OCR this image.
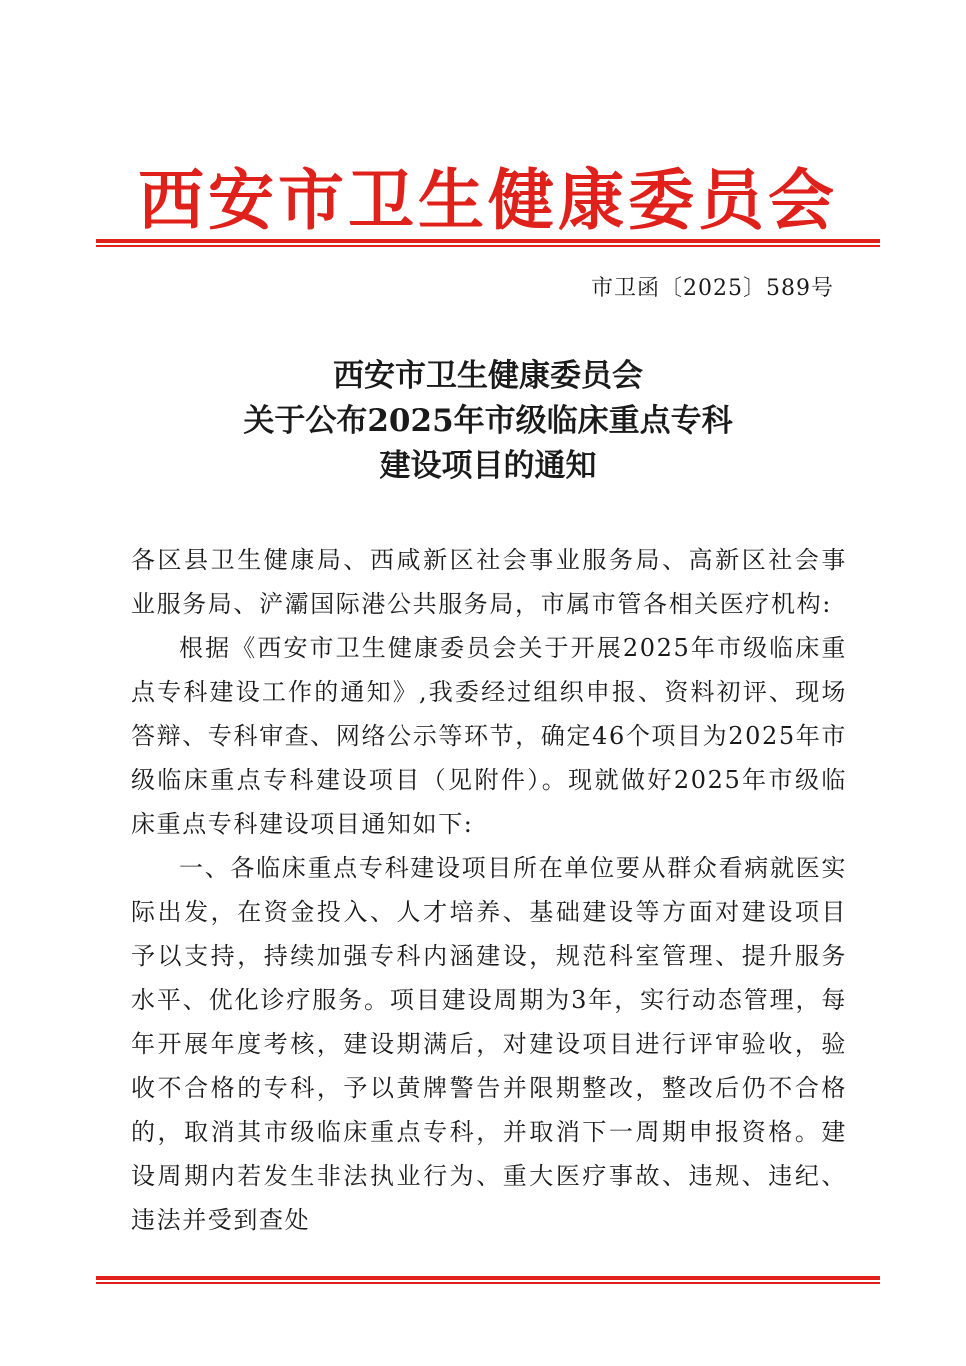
西安市卫生健康委员会
市卫函〔2025〕589号
西安市卫生健康委员会
关于公布2025年市级临床重点专科
建设项目的通知

各区县卫生健康局、西咸新区社会事业服务局、高新区社会事业服务局、浐灞国际港公共服务局，市属市管各相关医疗机构:

根据《西安市卫生健康委员会关于开展2025年市级临床重点专科建设工作的通知》,我委经过组织申报、资料初评、现场答辩、专科审查、网络公示等环节，确定46个项目为2025年市级临床重点专科建设项目（见附件）。现就做好2025年市级临床重点专科建设项目通知如下:

一、各临床重点专科建设项目所在单位要从群众看病就医实际出发，在资金投入、人才培养、基础建设等方面对建设项目予以支持，持续加强专科内涵建设，规范科室管理、提升服务水平、优化诊疗服务。项目建设周期为3年，实行动态管理，每年开展年度考核，建设期满后，对建设项目进行评审验收，验收不合格的专科，予以黄牌警告并限期整改，整改后仍不合格的，取消其市级临床重点专科，并取消下一周期申报资格。建设周期内若发生非法执业行为、重大医疗事故、违规、违纪、违法并受到查处
